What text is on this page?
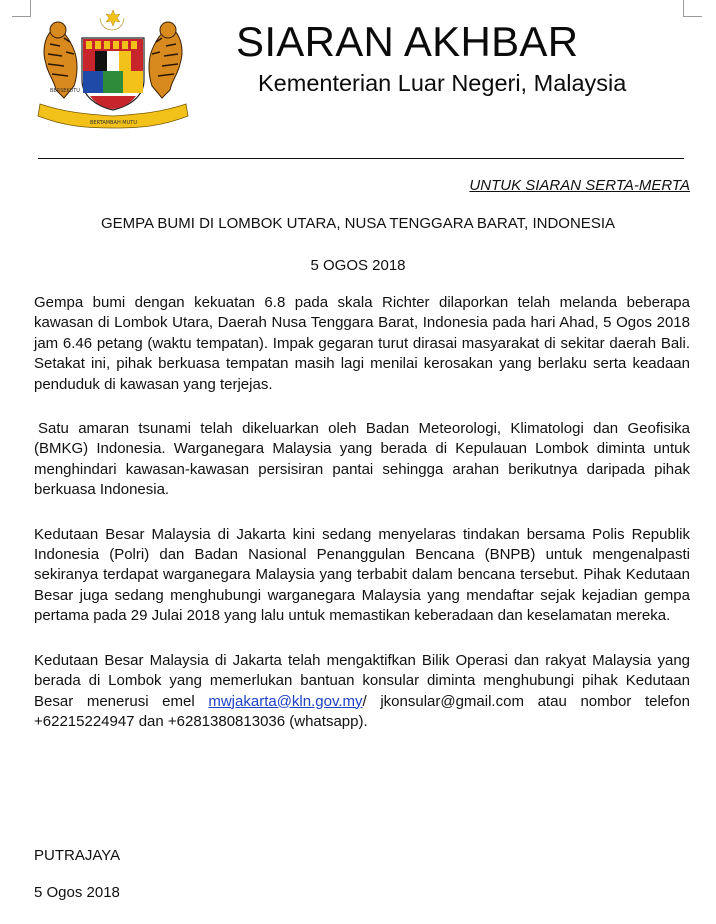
BERSEKUTU
BERTAMBAH MUTU
SIARAN AKHBAR
Kementerian Luar Negeri, Malaysia
UNTUK SIARAN SERTA-MERTA
GEMPA BUMI DI LOMBOK UTARA, NUSA TENGGARA BARAT, INDONESIA
5 OGOS 2018

Gempa bumi dengan kekuatan 6.8 pada skala Richter dilaporkan telah melanda beberapa kawasan di Lombok Utara, Daerah Nusa Tenggara Barat, Indonesia pada hari Ahad, 5 Ogos 2018 jam 6.46 petang (waktu tempatan). Impak gegaran turut dirasai masyarakat di sekitar daerah Bali. Setakat ini, pihak berkuasa tempatan masih lagi menilai kerosakan yang berlaku serta keadaan penduduk di kawasan yang terjejas.

Satu amaran tsunami telah dikeluarkan oleh Badan Meteorologi, Klimatologi dan Geofisika (BMKG) Indonesia. Warganegara Malaysia yang berada di Kepulauan Lombok diminta untuk menghindari kawasan-kawasan persisiran pantai sehingga arahan berikutnya daripada pihak berkuasa Indonesia.

Kedutaan Besar Malaysia di Jakarta kini sedang menyelaras tindakan bersama Polis Republik Indonesia (Polri) dan Badan Nasional Penanggulan Bencana (BNPB) untuk mengenalpasti sekiranya terdapat warganegara Malaysia yang terbabit dalam bencana tersebut. Pihak Kedutaan Besar juga sedang menghubungi warganegara Malaysia yang mendaftar sejak kejadian gempa pertama pada 29 Julai 2018 yang lalu untuk memastikan keberadaan dan keselamatan mereka.

Kedutaan Besar Malaysia di Jakarta telah mengaktifkan Bilik Operasi dan rakyat Malaysia yang berada di Lombok yang memerlukan bantuan konsular diminta menghubungi pihak Kedutaan Besar menerusi emel mwjakarta@kln.gov.my/ jkonsular@gmail.com atau nombor telefon +62215224947 dan +6281380813036 (whatsapp).

PUTRAJAYA
5 Ogos 2018
